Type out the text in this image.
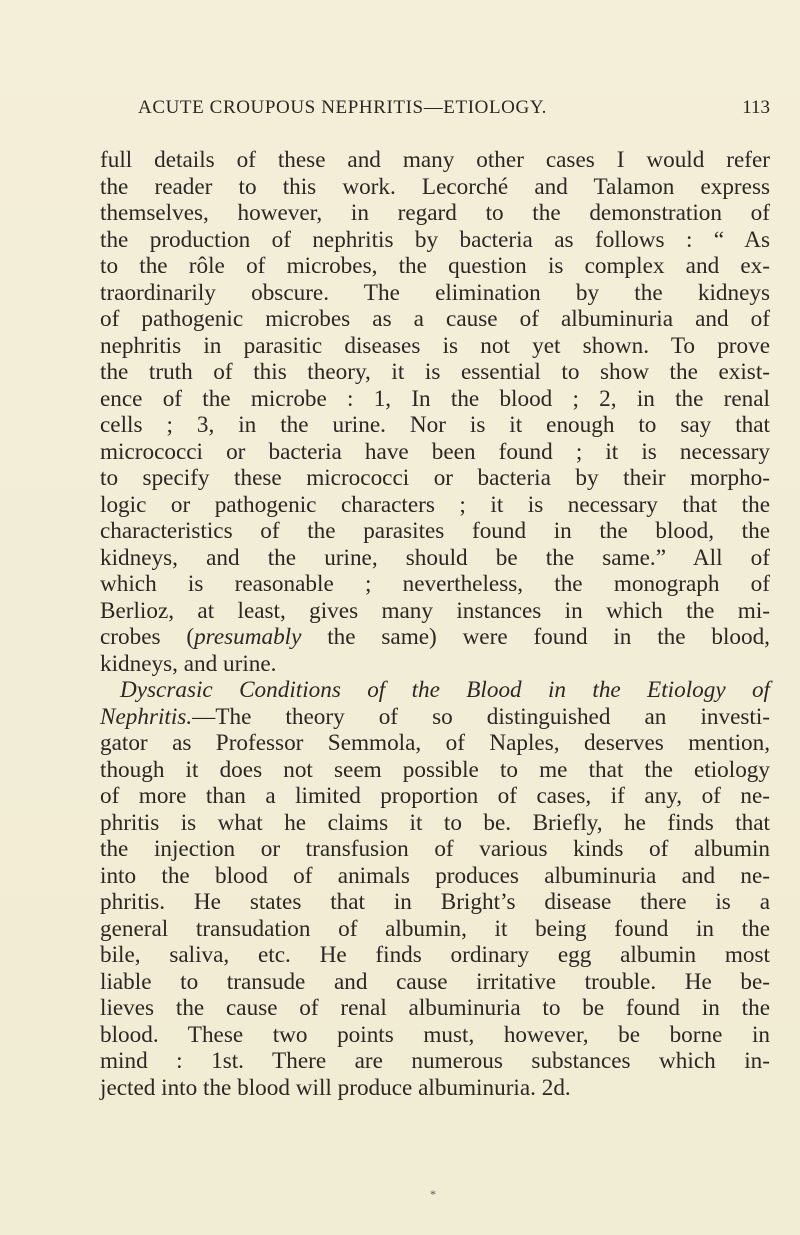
ACUTE CROUPOUS NEPHRITIS—ETIOLOGY.	113
full details of these and many other cases I would refer
the reader to this work. Lecorché and Talamon express
themselves, however, in regard to the demonstration of
the production of nephritis by bacteria as follows : “ As
to the rôle of microbes, the question is complex and ex-
traordinarily obscure. The elimination by the kidneys
of pathogenic microbes as a cause of albuminuria and of
nephritis in parasitic diseases is not yet shown. To prove
the truth of this theory, it is essential to show the exist-
ence of the microbe : 1, In the blood ; 2, in the renal
cells ; 3, in the urine. Nor is it enough to say that
micrococci or bacteria have been found ; it is necessary
to specify these micrococci or bacteria by their morpho-
logic or pathogenic characters ; it is necessary that the
characteristics of the parasites found in the blood, the
kidneys, and the urine, should be the same.” All of
which is reasonable ; nevertheless, the monograph of
Berlioz, at least, gives many instances in which the mi-
crobes (presumably the same) were found in the blood,
kidneys, and urine.
Dyscrasic Conditions of the Blood in the Etiology of
Nephritis.—The theory of so distinguished an investi-
gator as Professor Semmola, of Naples, deserves mention,
though it does not seem possible to me that the etiology
of more than a limited proportion of cases, if any, of ne-
phritis is what he claims it to be. Briefly, he finds that
the injection or transfusion of various kinds of albumin
into the blood of animals produces albuminuria and ne-
phritis. He states that in Bright’s disease there is a
general transudation of albumin, it being found in the
bile, saliva, etc. He finds ordinary egg albumin most
liable to transude and cause irritative trouble. He be-
lieves the cause of renal albuminuria to be found in the
blood. These two points must, however, be borne in
mind : 1st. There are numerous substances which in-
jected into the blood will produce albuminuria. 2d.
*
